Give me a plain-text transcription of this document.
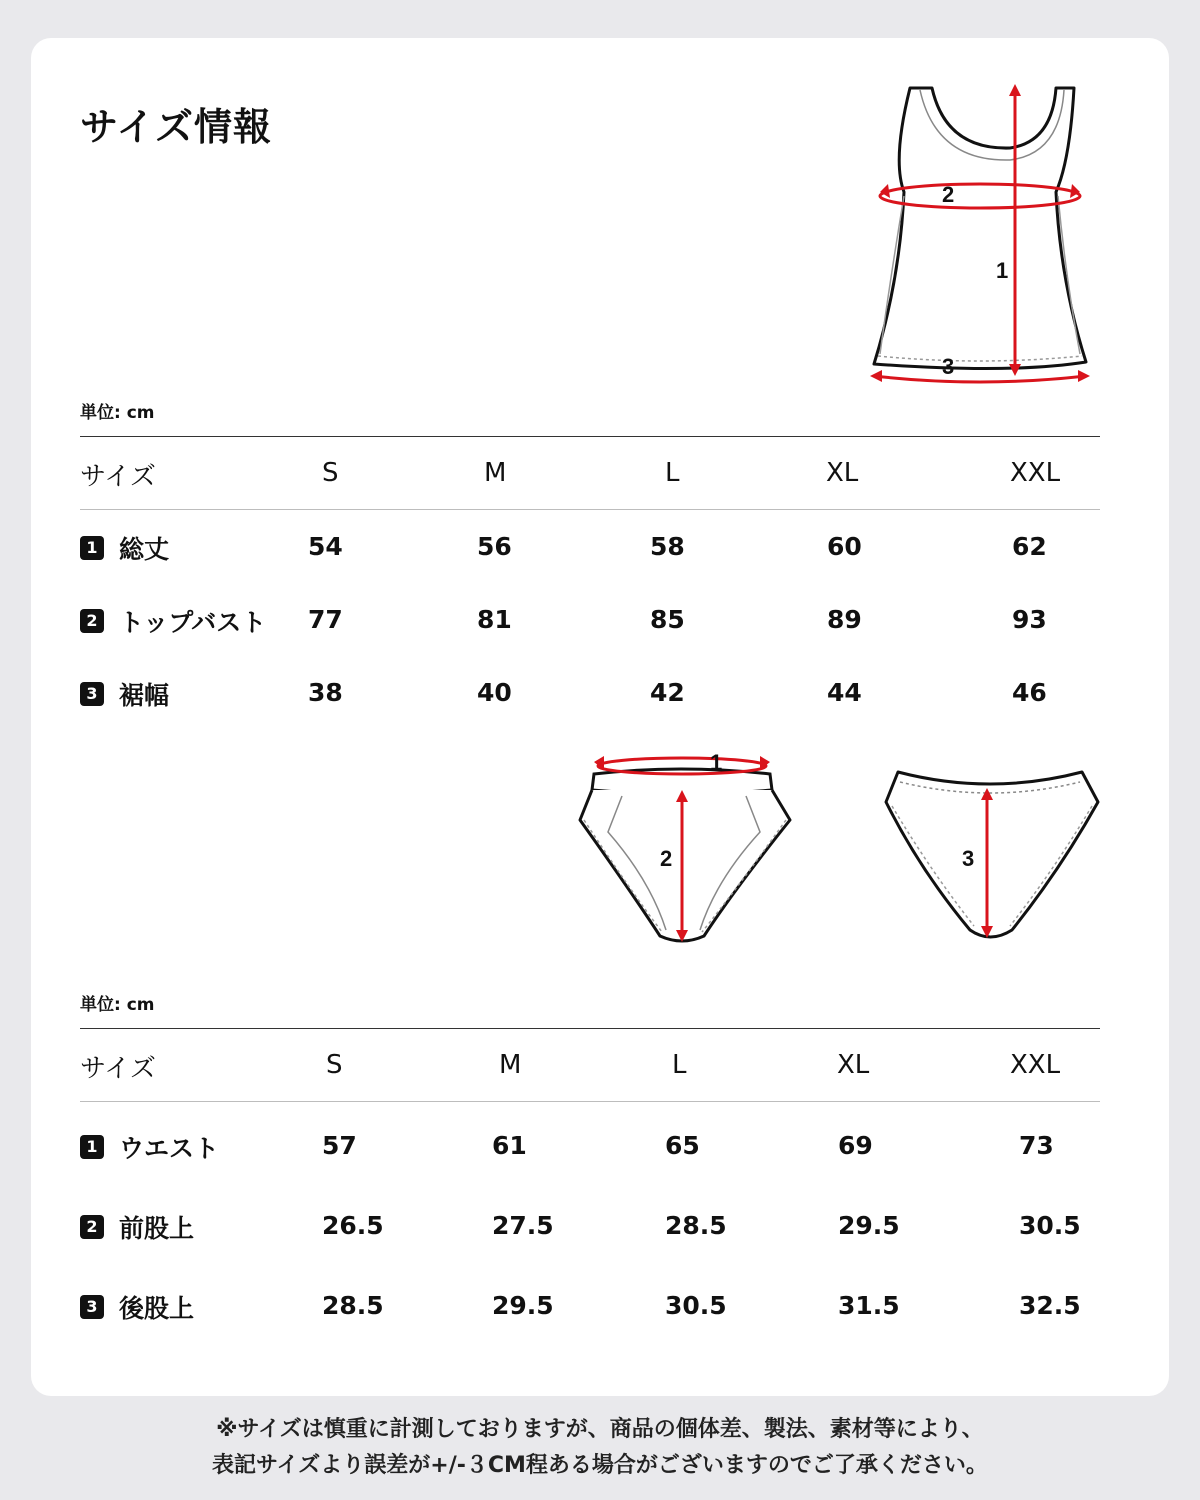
サイズ情報
1
2
3
単位: cm
サイズ	S	M	L	XL	XXL
1 総丈	54	56	58	60	62
2 トップバスト 77	81	85	89	93
3 裾幅	38	40	42	44	46
1
2	3
単位: cm
サイズ	S	M	L	XL	XXL
1 ウエスト	57	61	65	69	73
2 前股上	26.5	27.5	28.5	29.5	30.5
3 後股上	28.5	29.5	30.5	31.5	32.5
※サイズは慎重に計測しておりますが、商品の個体差、製法、素材等により、
表記サイズより誤差が+/-３CM程ある場合がございますのでご了承ください。
